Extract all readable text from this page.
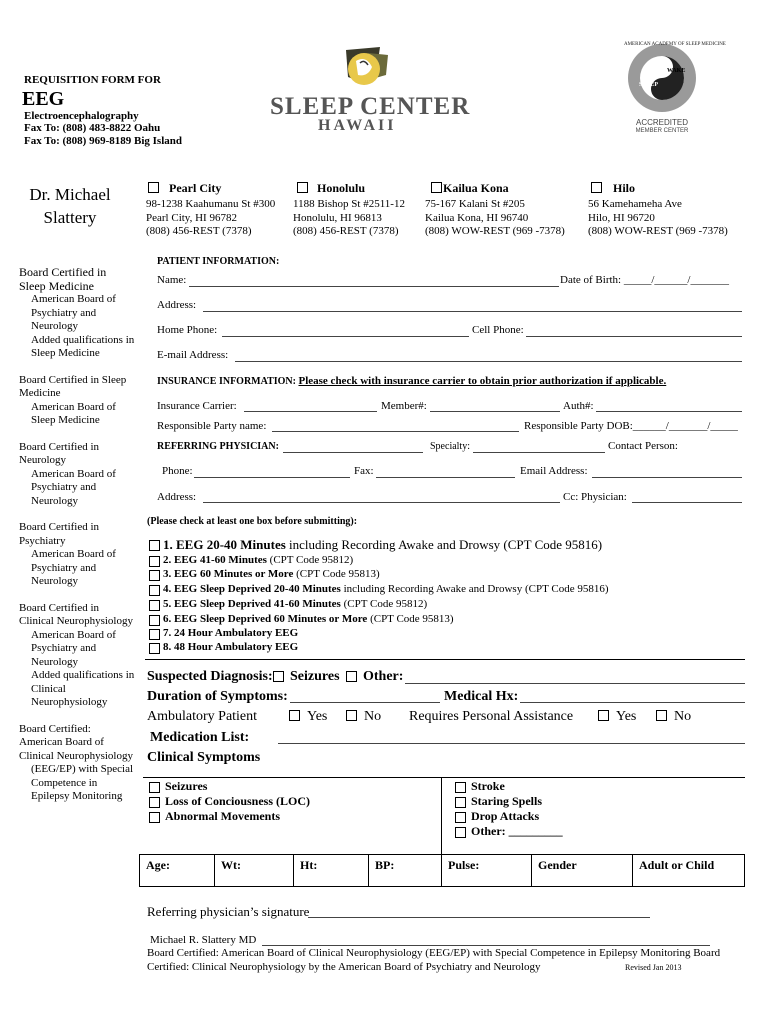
REQUISITION FORM FOR
EEG
Electroencephalography
Fax To: (808) 483-8822 Oahu
Fax To: (808) 969-8189 Big Island
SLEEP CENTER
HAWAII
AMERICAN ACADEMY OF SLEEP MEDICINE
WAKE
SLEEP
ACCREDITED
MEMBER CENTER
Dr. Michael
Slattery
Pearl City
98-1238 Kaahumanu St #300
Pearl City, HI 96782
(808) 456-REST (7378)
Honolulu
1188 Bishop St #2511-12
Honolulu, HI 96813
(808) 456-REST (7378)
Kailua Kona
75-167 Kalani St #205
Kailua Kona, HI 96740
(808) WOW-REST (969 -7378)
Hilo
56 Kamehameha Ave
Hilo, HI 96720
(808) WOW-REST (969 -7378)

Board Certified in

Sleep Medicine

American Board of

Psychiatry and

Neurology

Added qualifications in

Sleep Medicine

Board Certified in Sleep

Medicine

American Board of

Sleep Medicine

Board Certified in

Neurology

American Board of

Psychiatry and

Neurology

Board Certified in

Psychiatry

American Board of

Psychiatry and

Neurology

Board Certified in

Clinical Neurophysiology

American Board of

Psychiatry and

Neurology

Added qualifications in

Clinical

Neurophysiology

Board Certified:

American Board of

Clinical Neurophysiology

(EEG/EP) with Special

Competence in

Epilepsy Monitoring

PATIENT INFORMATION:
Name:	Date of Birth: _____/______/_______
Address:
Home Phone:	Cell Phone:
E-mail Address:
INSURANCE INFORMATION: Please check with insurance carrier to obtain prior authorization if applicable.
Insurance Carrier:	Member#:	Auth#:
Responsible Party name:	Responsible Party DOB:______/_______/_____
REFERRING PHYSICIAN:	Specialty:	Contact Person:
Phone:	Fax:	Email Address:
Address:	Cc: Physician:
(Please check at least one box before submitting):
1. EEG 20-40 Minutes including Recording Awake and Drowsy (CPT Code 95816)
2. EEG 41-60 Minutes (CPT Code 95812)
3. EEG 60 Minutes or More (CPT Code 95813)
4. EEG Sleep Deprived 20-40 Minutes including Recording Awake and Drowsy (CPT Code 95816)
5. EEG Sleep Deprived 41-60 Minutes (CPT Code 95812)
6. EEG Sleep Deprived 60 Minutes or More (CPT Code 95813)
7. 24 Hour Ambulatory EEG
8. 48 Hour Ambulatory EEG
Suspected Diagnosis: Seizures Other:
Duration of Symptoms:	Medical Hx:
Ambulatory Patient	Yes	No Requires Personal Assistance	Yes	No
Medication List:
Clinical Symptoms
Seizures
Loss of Conciousness (LOC)
Abnormal Movements
Stroke
Staring Spells
Drop Attacks
Other: _________
Age:	Wt:	Ht:	BP:	Pulse:	Gender	Adult or Child
Referring physician’s signature
Michael R. Slattery MD
Board Certified: American Board of Clinical Neurophysiology (EEG/EP) with Special Competence in Epilepsy Monitoring Board
Certified: Clinical Neurophysiology by the American Board of Psychiatry and Neurology	Revised Jan 2013
